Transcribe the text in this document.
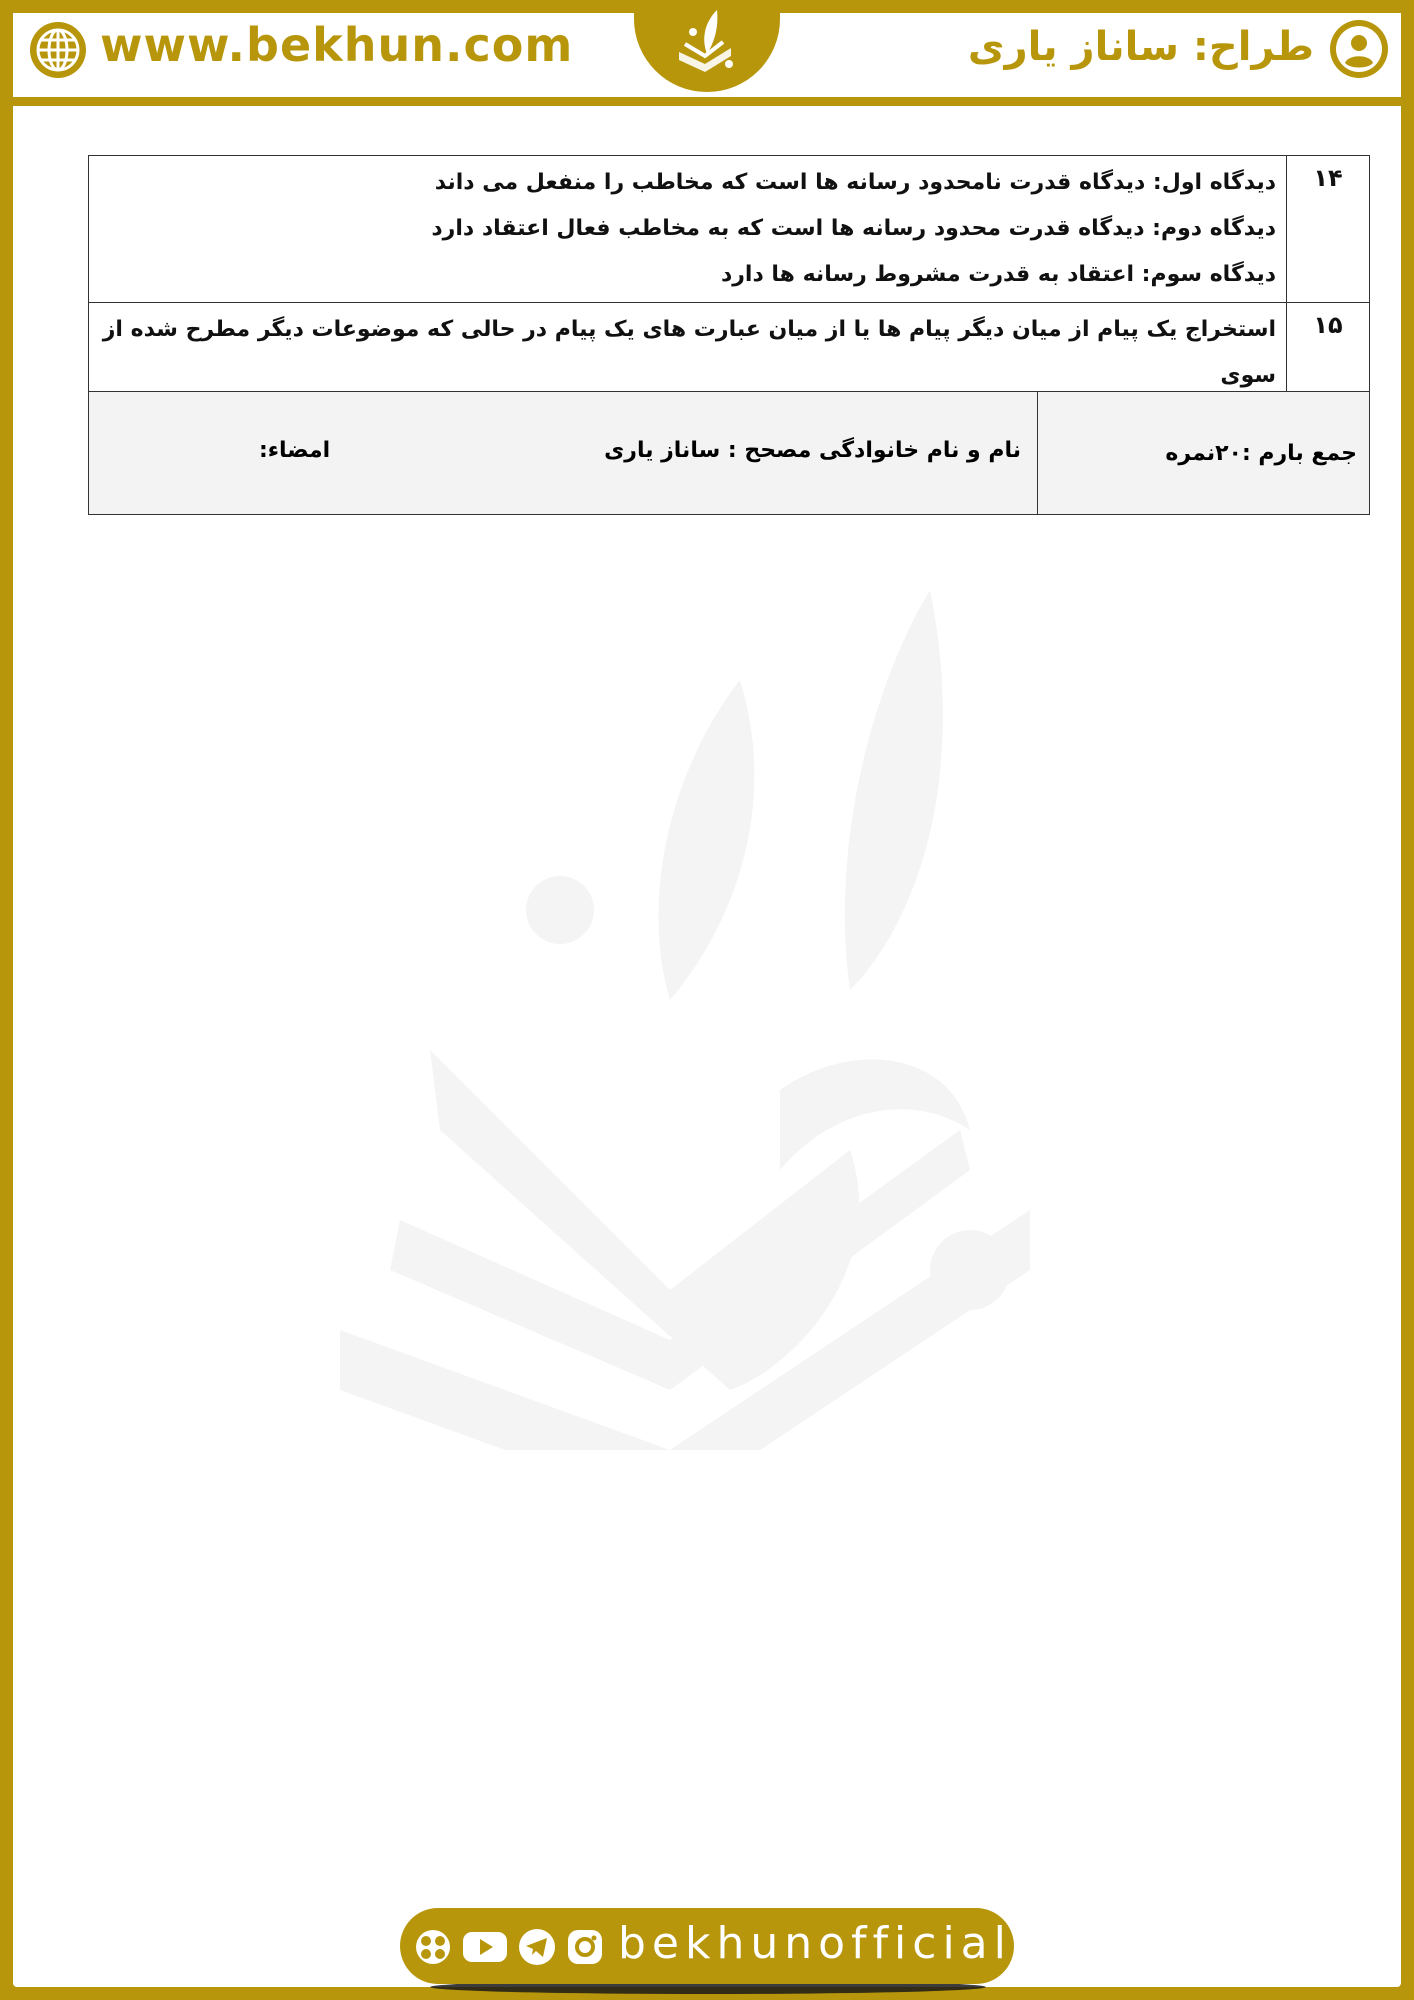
www.bekhun.com	طراح: ساناز یاری
۱۴	دیدگاه اول: دیدگاه قدرت نامحدود رسانه ها است که مخاطب را منفعل می داند

دیدگاه دوم: دیدگاه قدرت محدود رسانه ها است که به مخاطب فعال اعتقاد دارد

دیدگاه سوم: اعتقاد به قدرت مشروط رسانه ها دارد

۱۵	استخراج یک پیام از میان دیگر پیام ها یا از میان عبارت های یک پیام در حالی که موضوعات دیگر مطرح شده از سوی

جمع بارم :۲۰نمره	
نام و نام خانوادگی مصحح : ساناز یاری
امضاء:
bekhunofficial
